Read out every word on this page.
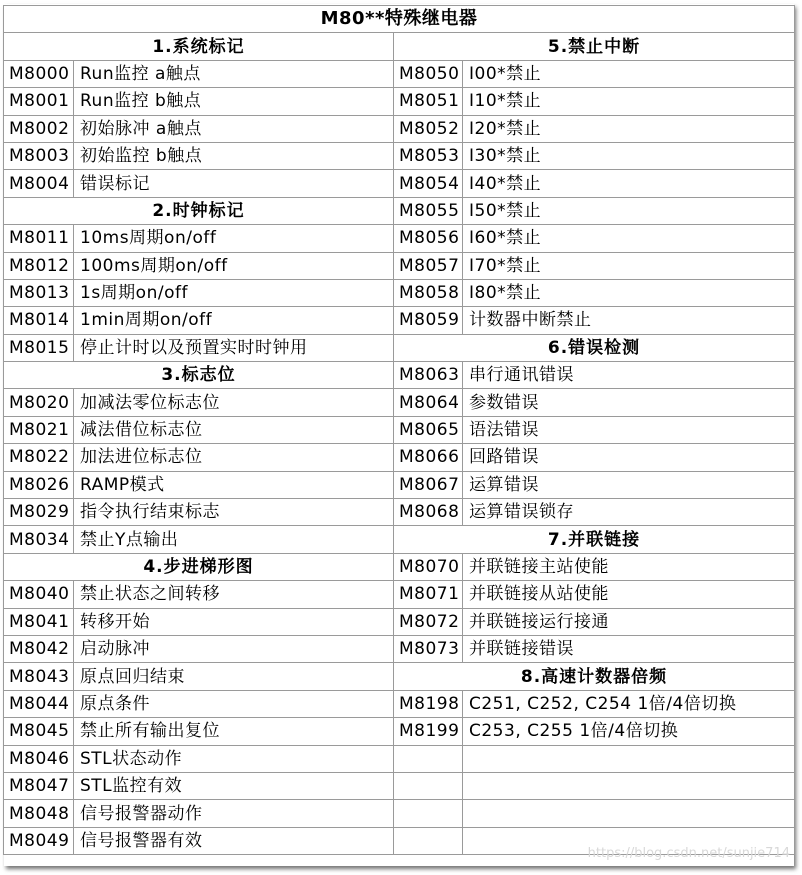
M80**特殊继电器			
1.系统标记		5.禁止中断	
M8000	Run监控 a触点	M8050	I00*禁止
M8001	Run监控 b触点	M8051	I10*禁止
M8002	初始脉冲 a触点	M8052	I20*禁止
M8003	初始监控 b触点	M8053	I30*禁止
M8004	错误标记	M8054	I40*禁止
2.时钟标记		M8055	I50*禁止
M8011	10ms周期on/off	M8056	I60*禁止
M8012	100ms周期on/off	M8057	I70*禁止
M8013	1s周期on/off	M8058	I80*禁止
M8014	1min周期on/off	M8059	计数器中断禁止
M8015	停止计时以及预置实时时钟用	6.错误检测	
3.标志位		M8063	串行通讯错误
M8020	加减法零位标志位	M8064	参数错误
M8021	减法借位标志位	M8065	语法错误
M8022	加法进位标志位	M8066	回路错误
M8026	RAMP模式	M8067	运算错误
M8029	指令执行结束标志	M8068	运算错误锁存
M8034	禁止Y点输出	7.并联链接	
4.步进梯形图		M8070	并联链接主站使能
M8040	禁止状态之间转移	M8071	并联链接从站使能
M8041	转移开始	M8072	并联链接运行接通
M8042	启动脉冲	M8073	并联链接错误
M8043	原点回归结束	8.高速计数器倍频	
M8044	原点条件	M8198	C251, C252, C254 1倍/4倍切换
M8045	禁止所有输出复位	M8199	C253, C255 1倍/4倍切换
M8046	STL状态动作		
M8047	STL监控有效		
M8048	信号报警器动作		
M8049	信号报警器有效		
https://blog.csdn.net/sunjie714
